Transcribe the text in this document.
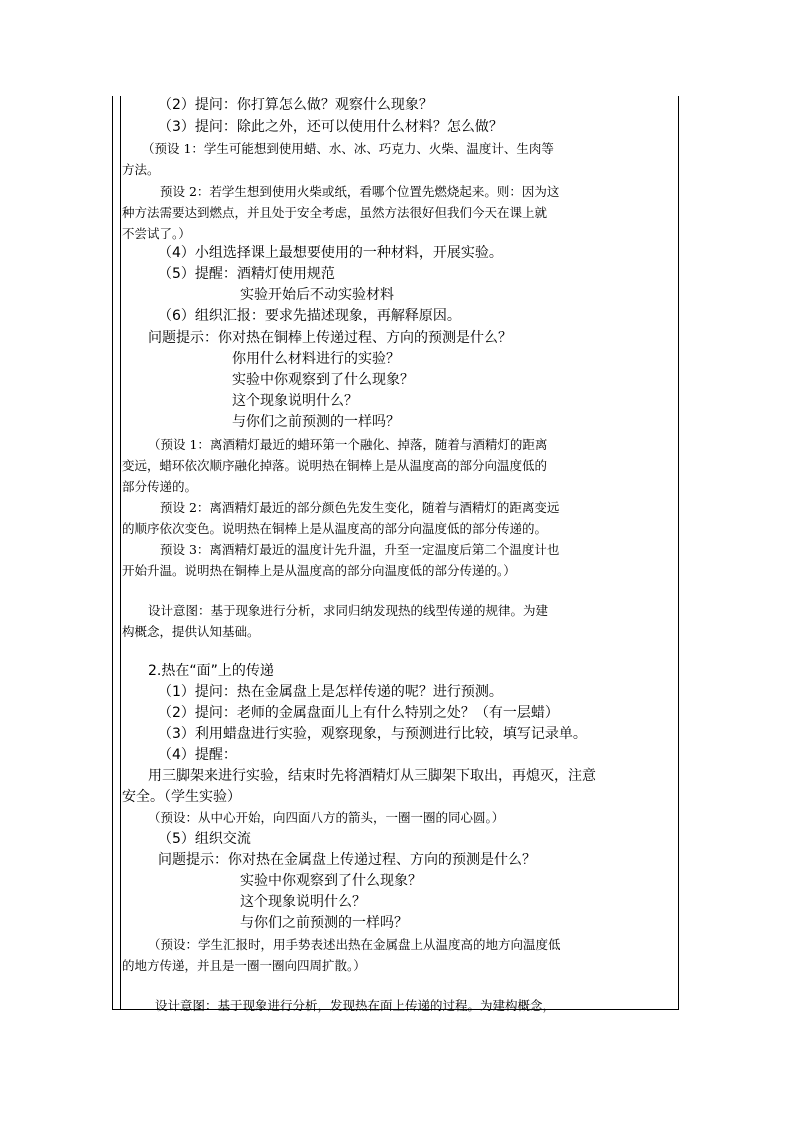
（2）提问：你打算怎么做？观察什么现象？
（3）提问：除此之外，还可以使用什么材料？怎么做？
（预设 1：学生可能想到使用蜡、水、冰、巧克力、火柴、温度计、生肉等
方法。
预设 2：若学生想到使用火柴或纸，看哪个位置先燃烧起来。则：因为这
种方法需要达到燃点，并且处于安全考虑，虽然方法很好但我们今天在课上就
不尝试了。）
（4）小组选择课上最想要使用的一种材料，开展实验。
（5）提醒：酒精灯使用规范
实验开始后不动实验材料
（6）组织汇报：要求先描述现象，再解释原因。
问题提示：你对热在铜棒上传递过程、方向的预测是什么？
你用什么材料进行的实验？
实验中你观察到了什么现象？
这个现象说明什么？
与你们之前预测的一样吗？
（预设 1：离酒精灯最近的蜡环第一个融化、掉落，随着与酒精灯的距离
变远，蜡环依次顺序融化掉落。说明热在铜棒上是从温度高的部分向温度低的
部分传递的。
预设 2：离酒精灯最近的部分颜色先发生变化，随着与酒精灯的距离变远
的顺序依次变色。说明热在铜棒上是从温度高的部分向温度低的部分传递的。
预设 3：离酒精灯最近的温度计先升温，升至一定温度后第二个温度计也
开始升温。说明热在铜棒上是从温度高的部分向温度低的部分传递的。）
设计意图：基于现象进行分析，求同归纳发现热的线型传递的规律。为建
构概念，提供认知基础。
2.热在“面”上的传递
（1）提问：热在金属盘上是怎样传递的呢？进行预测。
（2）提问：老师的金属盘面儿上有什么特别之处？（有一层蜡）
（3）利用蜡盘进行实验，观察现象，与预测进行比较，填写记录单。
（4）提醒：
用三脚架来进行实验，结束时先将酒精灯从三脚架下取出，再熄灭，注意
安全。（学生实验）
（预设：从中心开始，向四面八方的箭头，一圈一圈的同心圆。）
（5）组织交流
问题提示：你对热在金属盘上传递过程、方向的预测是什么？
实验中你观察到了什么现象？
这个现象说明什么？
与你们之前预测的一样吗？
（预设：学生汇报时，用手势表述出热在金属盘上从温度高的地方向温度低
的地方传递，并且是一圈一圈向四周扩散。）
设计意图：基于现象进行分析，发现热在面上传递的过程。为建构概念，
